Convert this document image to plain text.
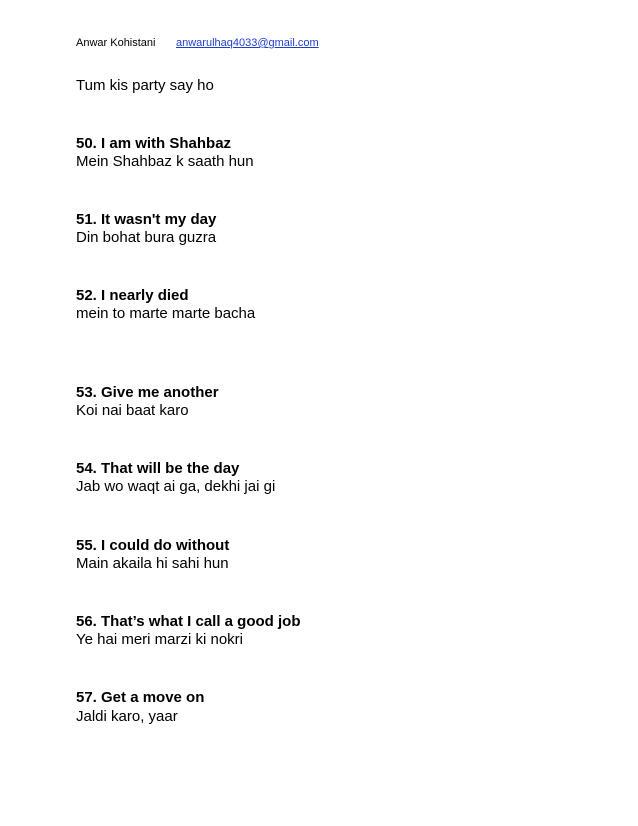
Anwar Kohistani anwarulhaq4033@gmail.com
Tum kis party say ho
50. I am with Shahbaz
Mein Shahbaz k saath hun
51. It wasn't my day
Din bohat bura guzra
52. I nearly died
mein to marte marte bacha
53. Give me another
Koi nai baat karo
54. That will be the day
Jab wo waqt ai ga, dekhi jai gi
55. I could do without
Main akaila hi sahi hun
56. That’s what I call a good job
Ye hai meri marzi ki nokri
57. Get a move on
Jaldi karo, yaar
